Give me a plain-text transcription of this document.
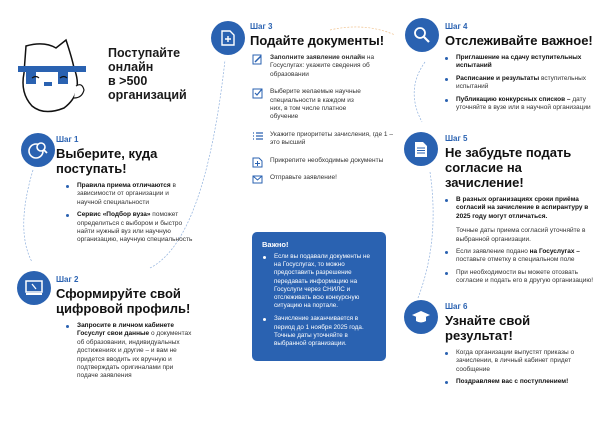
Поступайте
онлайн
в >500
организаций
Шаг 1
Выберите, куда поступать!
Правила приема отличаются в зависимости от организации и научной специальности
Сервис «Подбор вуза» поможет определиться с выбором и быстро найти нужный вуз или научную организацию, научную специальность
Шаг 2
Сформируйте свой цифровой профиль!
Запросите в личном кабинете Госуслуг свои данные о документах об образовании, индивидуальных достижениях и другие – и вам не придется вводить их вручную и подтверждать оригиналами при подаче заявления
Шаг 3
Подайте документы!
Заполните заявление онлайн на Госуслугах: укажите сведения об образовании
Выберите желаемые научные специальности в каждом из них, в том числе платное обучение
Укажите приоритеты зачисления, где 1 – это высший
Прикрепите необходимые документы
Отправьте заявление!
Важно!
Если вы подавали документы не на Госуслугах, то можно предоставить разрешение передавать информацию на Госуслуги через СНИЛС и отслеживать всю конкурсную ситуацию на портале.
Зачисление заканчивается в период до 1 ноября 2025 года. Точные даты уточняйте в выбранной организации.
Шаг 4
Отслеживайте важное!
Приглашение на сдачу вступительных испытаний
Расписание и результаты вступительных испытаний
Публикацию конкурсных списков – дату уточняйте в вузе или в научной организации
Шаг 5
Не забудьте подать согласие на зачисление!
В разных организациях сроки приёма согласий на зачисление в аспирантуру в 2025 году могут отличаться.
Точные даты приема согласий уточняйте в выбранной организации.
Если заявление подано на Госуслугах – поставьте отметку в специальном поле
При необходимости вы можете отозвать согласие и подать его в другую организацию!
Шаг 6
Узнайте свой результат!
Когда организации выпустят приказы о зачислении, в личный кабинет придет сообщение
Поздравляем вас с поступлением!
